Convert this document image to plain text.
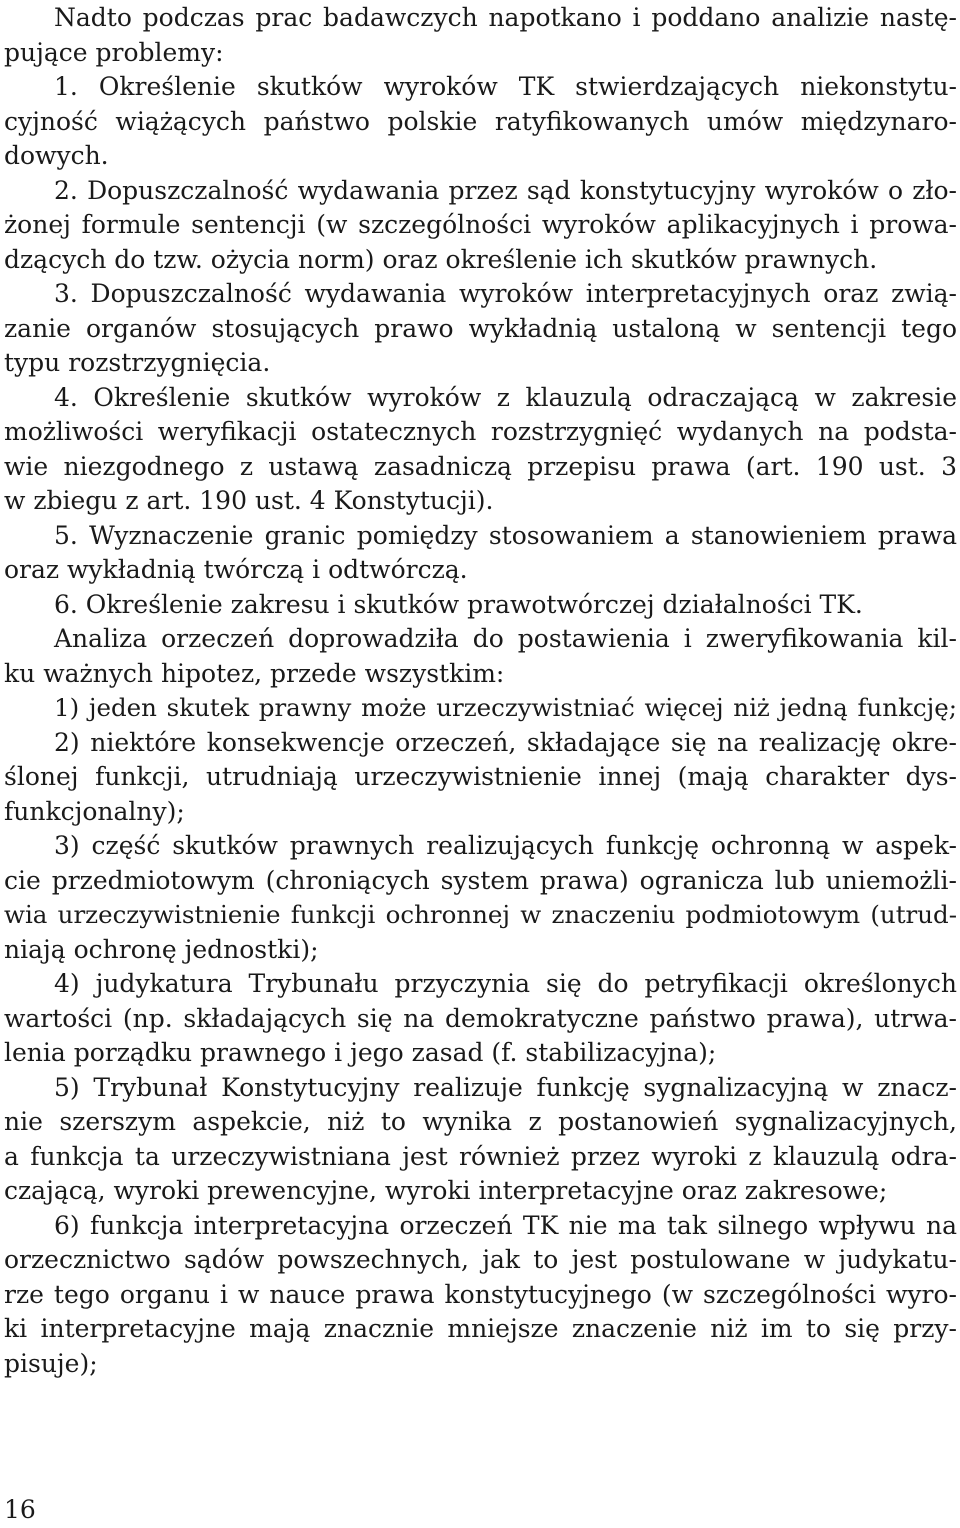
Nadto podczas prac badawczych napotkano i poddano analizie nastę-
pujące problemy:
1. Określenie skutków wyroków TK stwierdzających niekonstytu-
cyjność wiążących państwo polskie ratyfikowanych umów międzynaro-
dowych.
2. Dopuszczalność wydawania przez sąd konstytucyjny wyroków o zło-
żonej formule sentencji (w szczególności wyroków aplikacyjnych i prowa-
dzących do tzw. ożycia norm) oraz określenie ich skutków prawnych.
3. Dopuszczalność wydawania wyroków interpretacyjnych oraz zwią-
zanie organów stosujących prawo wykładnią ustaloną w sentencji tego
typu rozstrzygnięcia.
4. Określenie skutków wyroków z klauzulą odraczającą w zakresie
możliwości weryfikacji ostatecznych rozstrzygnięć wydanych na podsta-
wie niezgodnego z ustawą zasadniczą przepisu prawa (art. 190 ust. 3
w zbiegu z art. 190 ust. 4 Konstytucji).
5. Wyznaczenie granic pomiędzy stosowaniem a stanowieniem prawa
oraz wykładnią twórczą i odtwórczą.
6. Określenie zakresu i skutków prawotwórczej działalności TK.
Analiza orzeczeń doprowadziła do postawienia i zweryfikowania kil-
ku ważnych hipotez, przede wszystkim:
1) jeden skutek prawny może urzeczywistniać więcej niż jedną funkcję;
2) niektóre konsekwencje orzeczeń, składające się na realizację okre-
ślonej funkcji, utrudniają urzeczywistnienie innej (mają charakter dys-
funkcjonalny);
3) część skutków prawnych realizujących funkcję ochronną w aspek-
cie przedmiotowym (chroniących system prawa) ogranicza lub uniemożli-
wia urzeczywistnienie funkcji ochronnej w znaczeniu podmiotowym (utrud-
niają ochronę jednostki);
4) judykatura Trybunału przyczynia się do petryfikacji określonych
wartości (np. składających się na demokratyczne państwo prawa), utrwa-
lenia porządku prawnego i jego zasad (f. stabilizacyjna);
5) Trybunał Konstytucyjny realizuje funkcję sygnalizacyjną w znacz-
nie szerszym aspekcie, niż to wynika z postanowień sygnalizacyjnych,
a funkcja ta urzeczywistniana jest również przez wyroki z klauzulą odra-
czającą, wyroki prewencyjne, wyroki interpretacyjne oraz zakresowe;
6) funkcja interpretacyjna orzeczeń TK nie ma tak silnego wpływu na
orzecznictwo sądów powszechnych, jak to jest postulowane w judykatu-
rze tego organu i w nauce prawa konstytucyjnego (w szczególności wyro-
ki interpretacyjne mają znacznie mniejsze znaczenie niż im to się przy-
pisuje);
16
